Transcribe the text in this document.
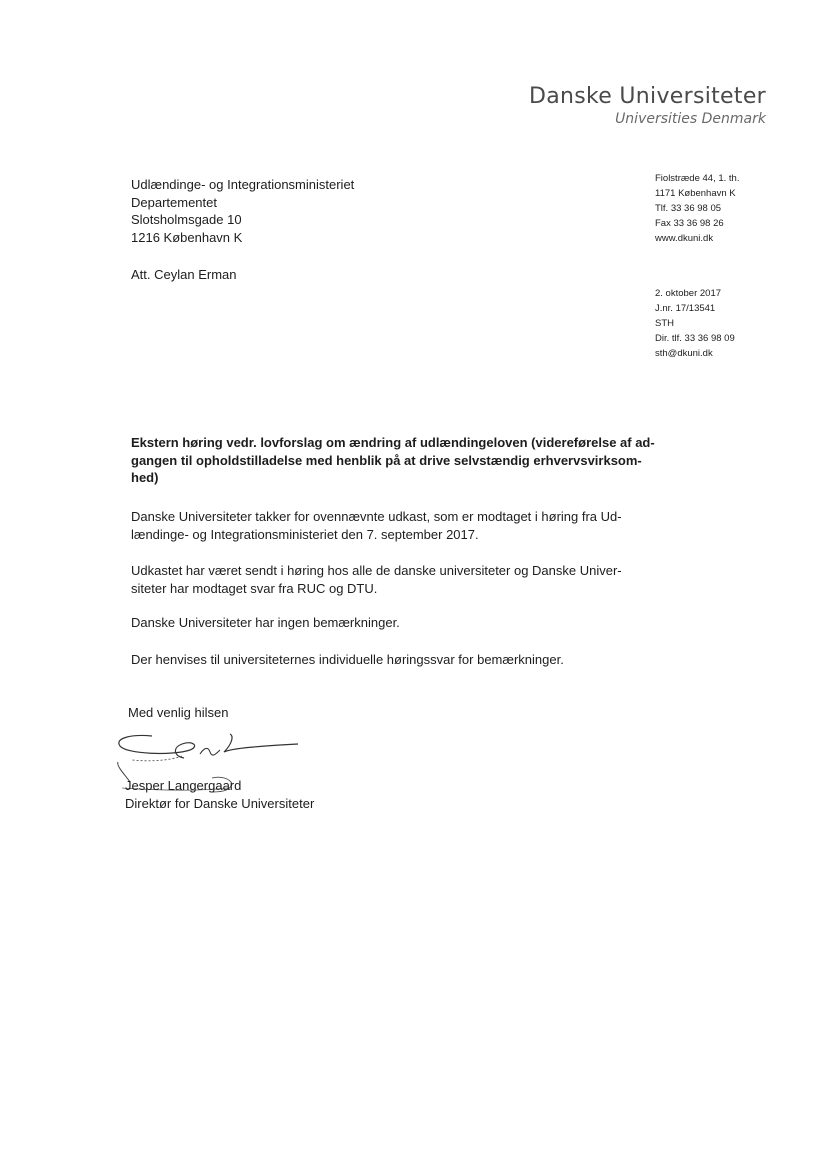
Danske Universiteter
Universities Denmark
Udlændinge- og Integrationsministeriet
Departementet
Slotsholmsgade 10
1216 København K
Att. Ceylan Erman
Fiolstræde 44, 1. th.
1171 København K
Tlf. 33 36 98 05
Fax 33 36 98 26
www.dkuni.dk
2. oktober 2017
J.nr. 17/13541
STH
Dir. tlf. 33 36 98 09
sth@dkuni.dk
Ekstern høring vedr. lovforslag om ændring af udlændingeloven (videreførelse af ad-
gangen til opholdstilladelse med henblik på at drive selvstændig erhvervsvirksom-
hed)
Danske Universiteter takker for ovennævnte udkast, som er modtaget i høring fra Ud-
lændinge- og Integrationsministeriet den 7. september 2017.
Udkastet har været sendt i høring hos alle de danske universiteter og Danske Univer-
siteter har modtaget svar fra RUC og DTU.
Danske Universiteter har ingen bemærkninger.
Der henvises til universiteternes individuelle høringssvar for bemærkninger.
Med venlig hilsen
Jesper Langergaard
Direktør for Danske Universiteter
